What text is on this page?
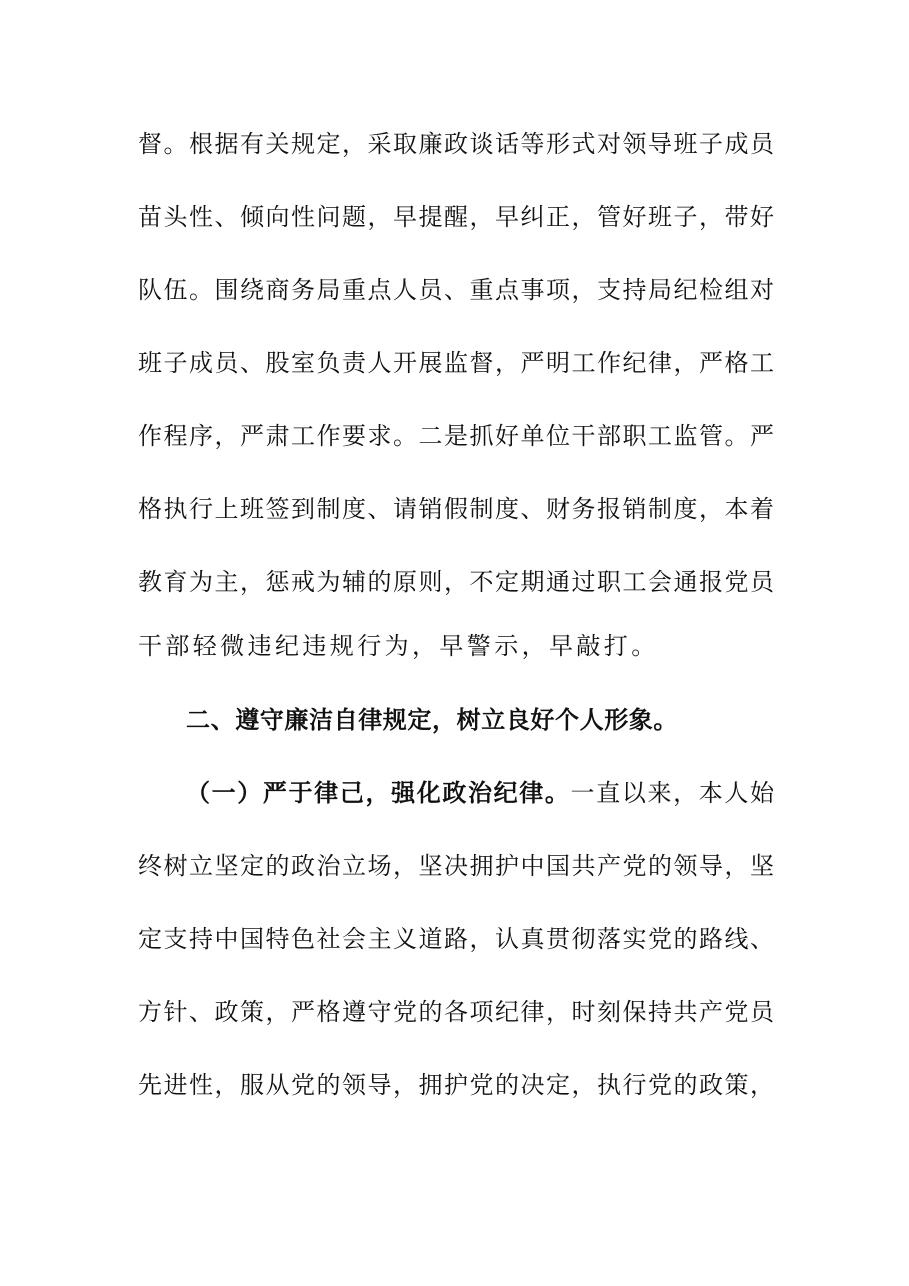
督。根据有关规定，采取廉政谈话等形式对领导班子成员
苗头性、倾向性问题，早提醒，早纠正，管好班子，带好
队伍。围绕商务局重点人员、重点事项，支持局纪检组对
班子成员、股室负责人开展监督，严明工作纪律，严格工
作程序，严肃工作要求。二是抓好单位干部职工监管。严
格执行上班签到制度、请销假制度、财务报销制度，本着
教育为主，惩戒为辅的原则，不定期通过职工会通报党员
干部轻微违纪违规行为，早警示，早敲打。
二、遵守廉洁自律规定，树立良好个人形象。
（一）严于律己，强化政治纪律。一直以来，本人始
终树立坚定的政治立场，坚决拥护中国共产党的领导，坚
定支持中国特色社会主义道路，认真贯彻落实党的路线、
方针、政策，严格遵守党的各项纪律，时刻保持共产党员
先进性，服从党的领导，拥护党的决定，执行党的政策，
